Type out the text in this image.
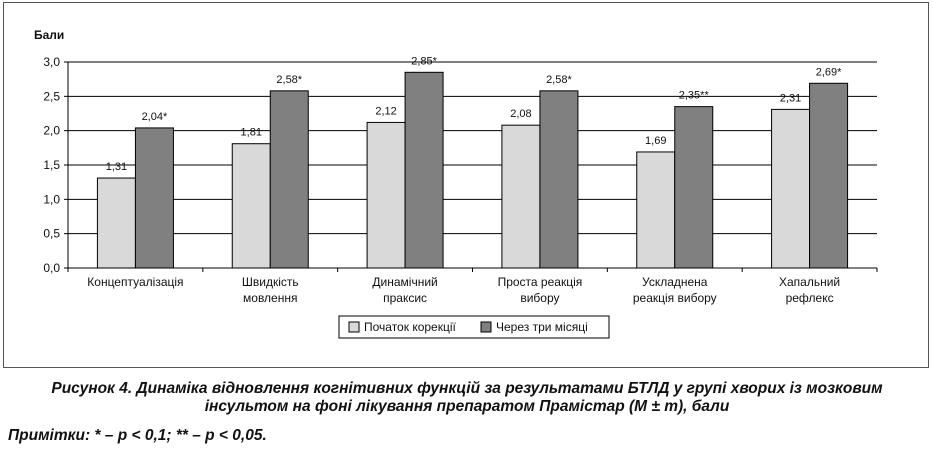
Бали
0,0
0,5
1,0
1,5
2,0
2,5
3,0
1,31
2,04*
Концептуалізація
1,81
2,58*
Швидкість
мовлення
2,12
2,85*
Динамічний
праксис
2,08
2,58*
Проста реакція
вибору
1,69
2,35**
Ускладнена
реакція вибору
2,31
2,69*
Хапальний
рефлекс
Початок корекції	Через три місяці
Рисунок 4. Динаміка відновлення когнітивних функцій за результатами БТЛД у групі хворих із мозковим
інсультом на фоні лікування препаратом Прамістар (M ± m), бали
Примітки: * – p < 0,1; ** – p < 0,05.
